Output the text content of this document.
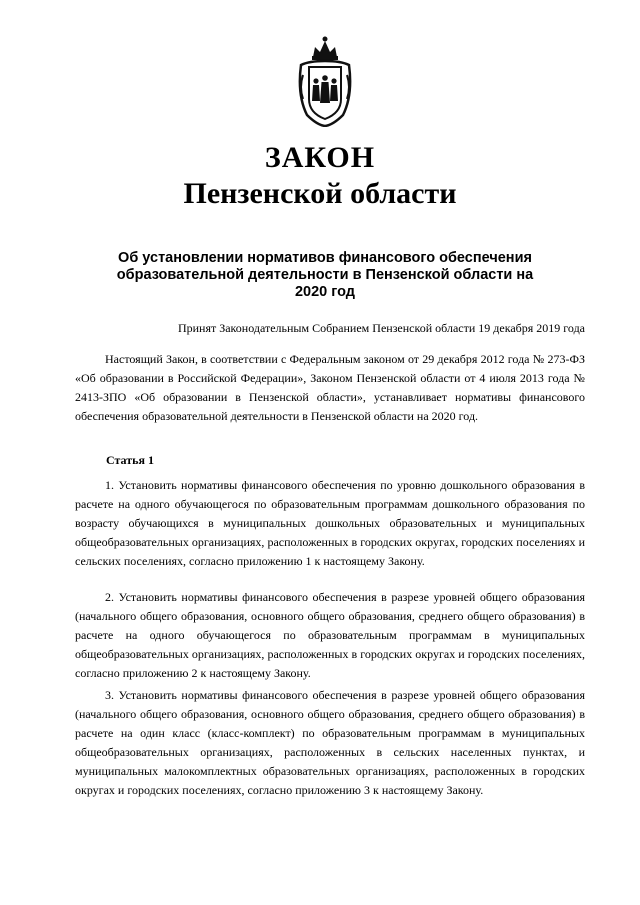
ЗАКОН
Пензенской области
Об установлении нормативов финансового обеспечения образовательной деятельности в Пензенской области на 2020 год
Принят Законодательным Собранием Пензенской области 19 декабря 2019 года
Настоящий Закон, в соответствии с Федеральным законом от 29 декабря 2012 года № 273-ФЗ «Об образовании в Российской Федерации», Законом Пензенской области от 4 июля 2013 года № 2413-ЗПО «Об образовании в Пензенской области», устанавливает нормативы финансового обеспечения образовательной деятельности в Пензенской области на 2020 год.
Статья 1
1. Установить нормативы финансового обеспечения по уровню дошкольного образования в расчете на одного обучающегося по образовательным программам дошкольного образования по возрасту обучающихся в муниципальных дошкольных образовательных и муниципальных общеобразовательных организациях, расположенных в городских округах, городских поселениях и сельских поселениях, согласно приложению 1 к настоящему Закону.
2. Установить нормативы финансового обеспечения в разрезе уровней общего образования (начального общего образования, основного общего образования, среднего общего образования) в расчете на одного обучающегося по образовательным программам в муниципальных общеобразовательных организациях, расположенных в городских округах и городских поселениях, согласно приложению 2 к настоящему Закону.
3. Установить нормативы финансового обеспечения в разрезе уровней общего образования (начального общего образования, основного общего образования, среднего общего образования) в расчете на один класс (класс-комплект) по образовательным программам в муниципальных общеобразовательных организациях, расположенных в сельских населенных пунктах, и муниципальных малокомплектных образовательных организациях, расположенных в городских округах и городских поселениях, согласно приложению 3 к настоящему Закону.
